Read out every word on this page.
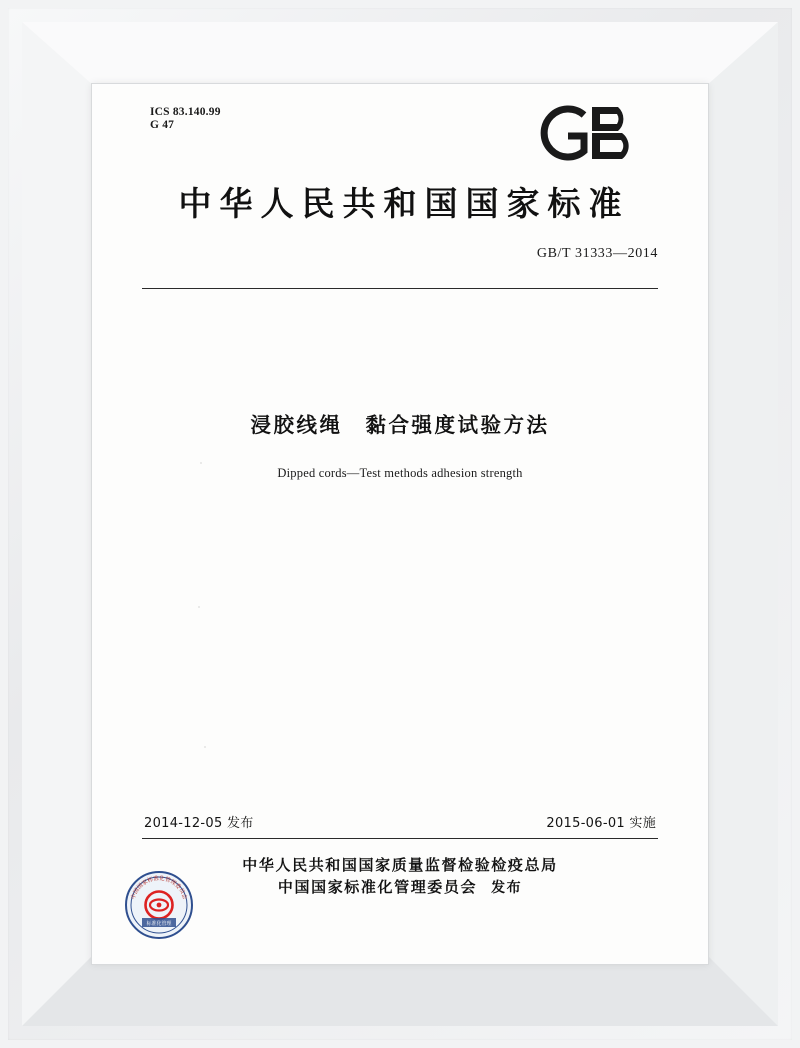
ICS 83.140.99
G 47
中华人民共和国国家标准
GB/T 31333—2014
浸胶线绳　黏合强度试验方法
Dipped cords—Test methods adhesion strength
2014-12-05 发布	2015-06-01 实施
中华人民共和国国家质量监督检验检疫总局
中国国家标准化管理委员会 发布
中国国家标准化管理委员会
标准化管理
